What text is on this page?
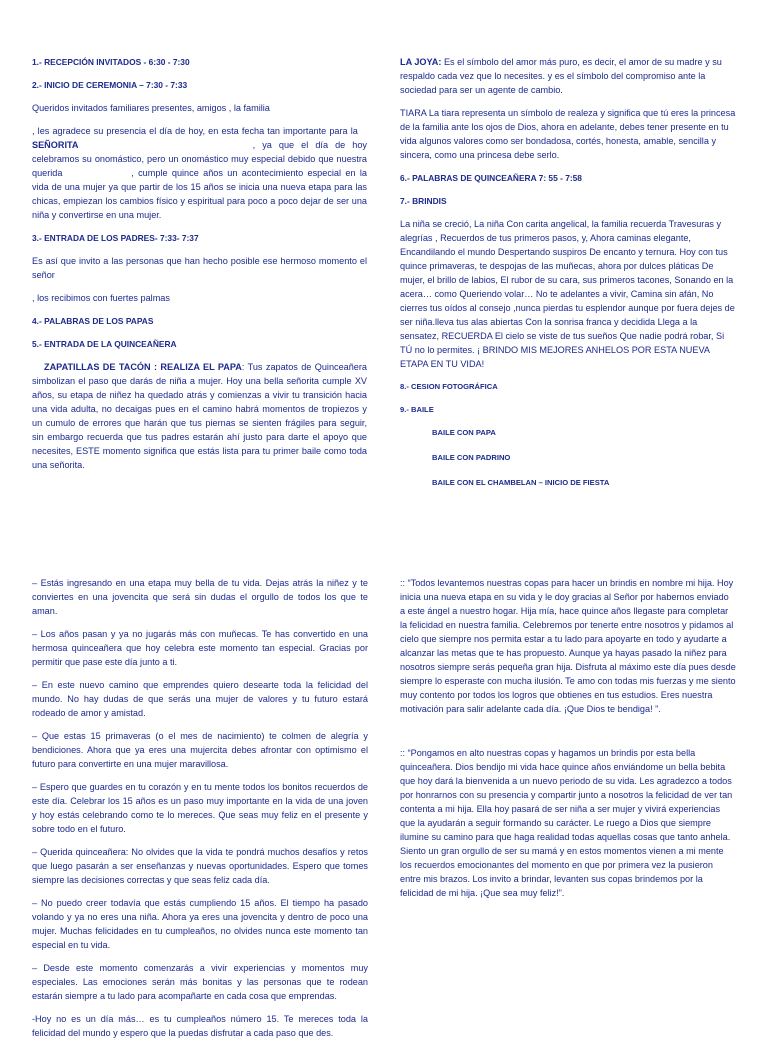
1.- RECEPCIÓN INVITADOS - 6:30 - 7:30

2.- INICIO DE CEREMONIA – 7:30 - 7:33

Queridos invitados familiares presentes, amigos , la familia

, les agradece su presencia el día de hoy, en esta fecha tan importante para la  SEÑORITA	, ya que el día de hoy celebramos su onomástico, pero un onomástico muy especial debido que nuestra querida	, cumple quince años un acontecimiento especial en la vida de una mujer ya que partir de los 15 años se inicia una nueva etapa para las chicas, empiezan los cambios físico y espiritual para poco a poco dejar de ser una niña y convertirse en una mujer.

3.- ENTRADA DE LOS PADRES- 7:33- 7:37

Es así que invito a las personas que han hecho posible ese hermoso momento el señor

, los recibimos con fuertes palmas

4.- PALABRAS DE LOS PAPAS

5.- ENTRADA DE LA QUINCEAÑERA

ZAPATILLAS DE TACÓN : REALIZA EL PAPA: Tus zapatos de Quinceañera simbolizan el paso que darás de niña a mujer. Hoy una bella señorita cumple XV años, su etapa de niñez ha quedado atrás y comienzas a vivir tu transición hacia una vida adulta, no decaigas pues en el camino habrá momentos de tropiezos y un cumulo de errores que harán que tus piernas se sienten frágiles para seguir, sin embargo recuerda que tus padres estarán ahí justo para darte el apoyo que necesites, ESTE momento significa que estás lista para tu primer baile como toda una señorita.

LA JOYA: Es el símbolo del amor más puro, es decir, el amor de su madre y su respaldo cada vez que lo necesites. y es el símbolo del compromiso ante la sociedad para ser un agente de cambio.

TIARA La tiara representa un símbolo de realeza y significa que tú eres la princesa de la familia ante los ojos de Dios, ahora en adelante, debes tener presente en tu vida algunos valores como ser bondadosa, cortés, honesta, amable, sencilla y sincera, como una princesa debe serlo.

6.- PALABRAS DE QUINCEAÑERA 7: 55 - 7:58

7.- BRINDIS

La niña se creció, La niña Con carita angelical, la familia recuerda Travesuras y alegrías , Recuerdos de tus primeros pasos, y, Ahora caminas elegante, Encandilando el mundo Despertando suspiros De encanto y ternura. Hoy con tus quince primaveras, te despojas de las muñecas, ahora por dulces pláticas De mujer, el brillo de labios, El rubor de su cara, sus primeros tacones, Sonando en la acera… como Queriendo volar… No te adelantes a vivir, Camina sin afán, No cierres tus oídos al consejo ,nunca pierdas tu esplendor aunque por fuera dejes de ser niña.lleva tus alas abiertas Con la sonrisa franca y decidida Llega a la sensatez, RECUERDA El cielo se viste de tus sueños Que nadie podrá robar, Si TÚ no lo permites. ¡ BRINDO MIS MEJORES ANHELOS POR ESTA NUEVA ETAPA EN TU VIDA!

8.- CESION FOTOGRÁFICA

9.- BAILE

BAILE CON PAPA

BAILE CON PADRINO

BAILE CON EL CHAMBELAN – INICIO DE FIESTA

– Estás ingresando en una etapa muy bella de tu vida. Dejas atrás la niñez y te conviertes en una jovencita que será sin dudas el orgullo de todos los que te aman.

– Los años pasan y ya no jugarás más con muñecas. Te has convertido en una hermosa quinceañera que hoy celebra este momento tan especial. Gracias por permitir que pase este día junto a ti.

– En este nuevo camino que emprendes quiero desearte toda la felicidad del mundo. No hay dudas de que serás una mujer de valores y tu futuro estará rodeado de amor y amistad.

– Que estas 15 primaveras (o el mes de nacimiento) te colmen de alegría y bendiciones. Ahora que ya eres una mujercita debes afrontar con optimismo el futuro para convertirte en una mujer maravillosa.

– Espero que guardes en tu corazón y en tu mente todos los bonitos recuerdos de este día. Celebrar los 15 años es un paso muy importante en la vida de una joven y hoy estás celebrando como te lo mereces. Que seas muy feliz en el presente y sobre todo en el futuro.

– Querida quinceañera: No olvides que la vida te pondrá muchos desafíos y retos que luego pasarán a ser enseñanzas y nuevas oportunidades. Espero que tomes siempre las decisiones correctas y que seas feliz cada día.

– No puedo creer todavía que estás cumpliendo 15 años. El tiempo ha pasado volando y ya no eres una niña. Ahora ya eres una jovencita y dentro de poco una mujer. Muchas felicidades en tu cumpleaños, no olvides nunca este momento tan especial en tu vida.

– Desde este momento comenzarás a vivir experiencias y momentos muy especiales. Las emociones serán más bonitas y las personas que te rodean estarán siempre a tu lado para acompañarte en cada cosa que emprendas.

-Hoy no es un día más… es tu cumpleaños número 15. Te mereces toda la felicidad del mundo y espero que la puedas disfrutar a cada paso que des.

:: “Todos levantemos nuestras copas para hacer un brindis en nombre mi hija. Hoy inicia una nueva etapa en su vida y le doy gracias al Señor por habernos enviado a este ángel a nuestro hogar. Hija mía, hace quince años llegaste para completar la felicidad en nuestra familia. Celebremos por tenerte entre nosotros y pidamos al cielo que siempre nos permita estar a tu lado para apoyarte en todo y ayudarte a alcanzar las metas que te has propuesto. Aunque ya hayas pasado la niñez para nosotros siempre serás pequeña gran hija. Disfruta al máximo este día pues desde siempre lo esperaste con mucha ilusión. Te amo con todas mis fuerzas y me siento muy contento por todos los logros que obtienes en tus estudios. Eres nuestra motivación para salir adelante cada día. ¡Que Dios te bendiga! ”.

:: “Pongamos en alto nuestras copas y hagamos un brindis por esta bella quinceañera. Dios bendijo mi vida hace quince años enviándome un bella bebita que hoy dará la bienvenida a un nuevo periodo de su vida. Les agradezco a todos por honrarnos con su presencia y compartir junto a nosotros la felicidad de ver tan contenta a mi hija. Ella hoy pasará de ser niña a ser mujer y vivirá experiencias que la ayudarán a seguir formando su carácter. Le ruego a Dios que siempre ilumine su camino para que haga realidad todas aquellas cosas que tanto anhela. Siento un gran orgullo de ser su mamá y en estos momentos vienen a mi mente los recuerdos emocionantes del momento en que por primera vez la pusieron entre mis brazos. Los invito a brindar, levanten sus copas brindemos por la felicidad de mi hija. ¡Que sea muy feliz!”.
